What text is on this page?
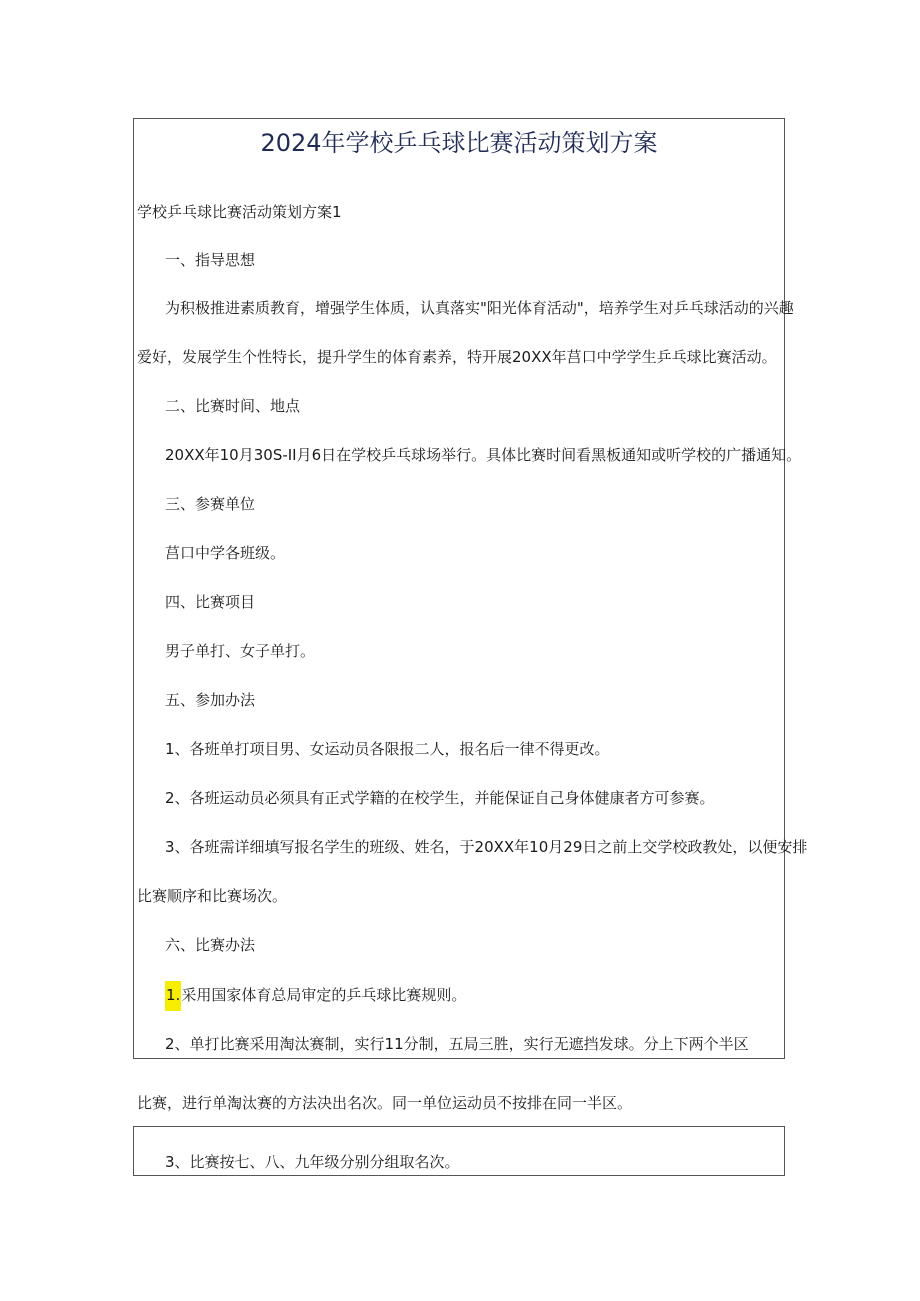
2024年学校乒乓球比赛活动策划方案

学校乒乓球比赛活动策划方案1

一、指导思想

为积极推进素质教育，增强学生体质，认真落实"阳光体育活动"，培养学生对乒乓球活动的兴趣

爱好，发展学生个性特长，提升学生的体育素养，特开展20XX年莒口中学学生乒乓球比赛活动。

二、比赛时间、地点

20XX年10月30S-II月6日在学校乒乓球场举行。具体比赛时间看黑板通知或听学校的广播通知。

三、参赛单位

莒口中学各班级。

四、比赛项目

男子单打、女子单打。

五、参加办法

1、各班单打项目男、女运动员各限报二人，报名后一律不得更改。

2、各班运动员必须具有正式学籍的在校学生，并能保证自己身体健康者方可参赛。

3、各班需详细填写报名学生的班级、姓名，于20XX年10月29日之前上交学校政教处，以便安排

比赛顺序和比赛场次。

六、比赛办法

1.采用国家体育总局审定的乒乓球比赛规则。

2、单打比赛采用淘汰赛制，实行11分制，五局三胜，实行无遮挡发球。分上下两个半区

比赛，进行单淘汰赛的方法决出名次。同一单位运动员不按排在同一半区。

3、比赛按七、八、九年级分别分组取名次。
